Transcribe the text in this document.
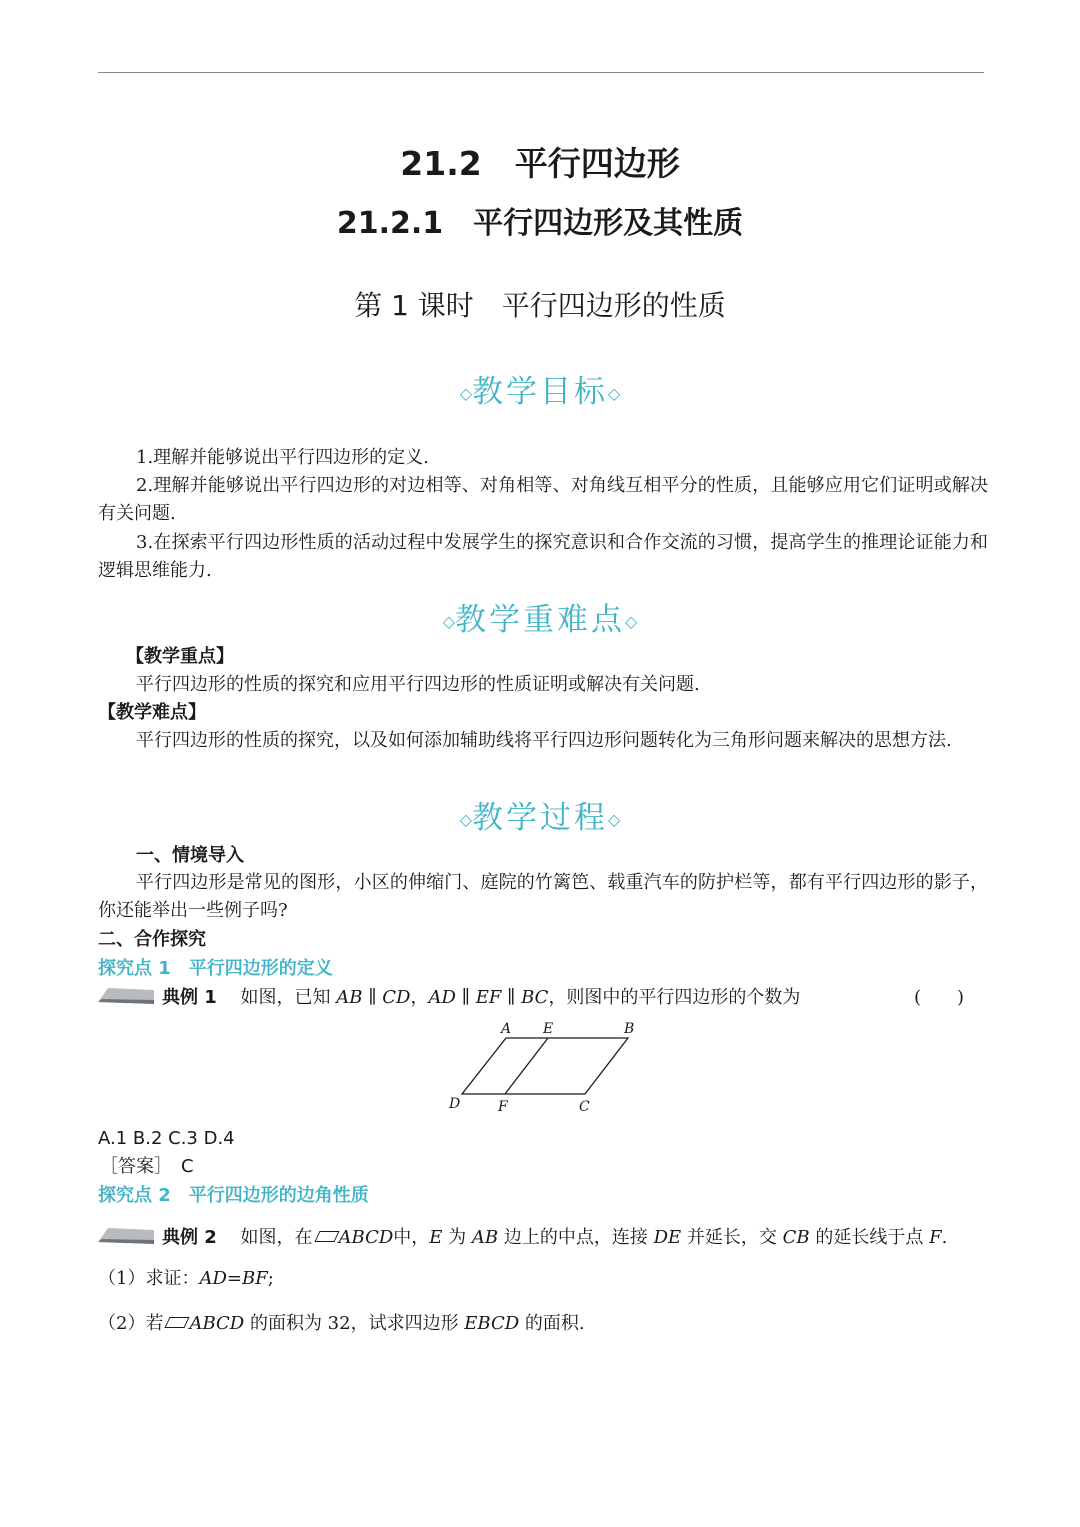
21.2　平行四边形
21.2.1　平行四边形及其性质
第 1 课时　平行四边形的性质
◇教学目标◇
1.理解并能够说出平行四边形的定义.
2.理解并能够说出平行四边形的对边相等、对角相等、对角线互相平分的性质，且能够应用它们证明或解决有关问题.
3.在探索平行四边形性质的活动过程中发展学生的探究意识和合作交流的习惯，提高学生的推理论证能力和逻辑思维能力.
◇教学重难点◇
【教学重点】
平行四边形的性质的探究和应用平行四边形的性质证明或解决有关问题.
【教学难点】
平行四边形的性质的探究，以及如何添加辅助线将平行四边形问题转化为三角形问题来解决的思想方法.
◇教学过程◇
一、情境导入
平行四边形是常见的图形，小区的伸缩门、庭院的竹篱笆、载重汽车的防护栏等，都有平行四边形的影子，你还能举出一些例子吗?
二、合作探究
探究点 1　平行四边形的定义
典例 1 　 如图，已知 AB ∥ CD，AD ∥ EF ∥ BC，则图中的平行四边形的个数为	(　　)
A E	B
D	F	C
A.1 B.2 C.3 D.4
［答案］　 C
探究点 2　平行四边形的边角性质
典例 2 　 如图，在 ABCD中，E 为 AB 边上的中点，连接 DE 并延长，交 CB 的延长线于点 F.
（1）求证：AD=BF;
（2）若 ABCD 的面积为 32，试求四边形 EBCD 的面积.
